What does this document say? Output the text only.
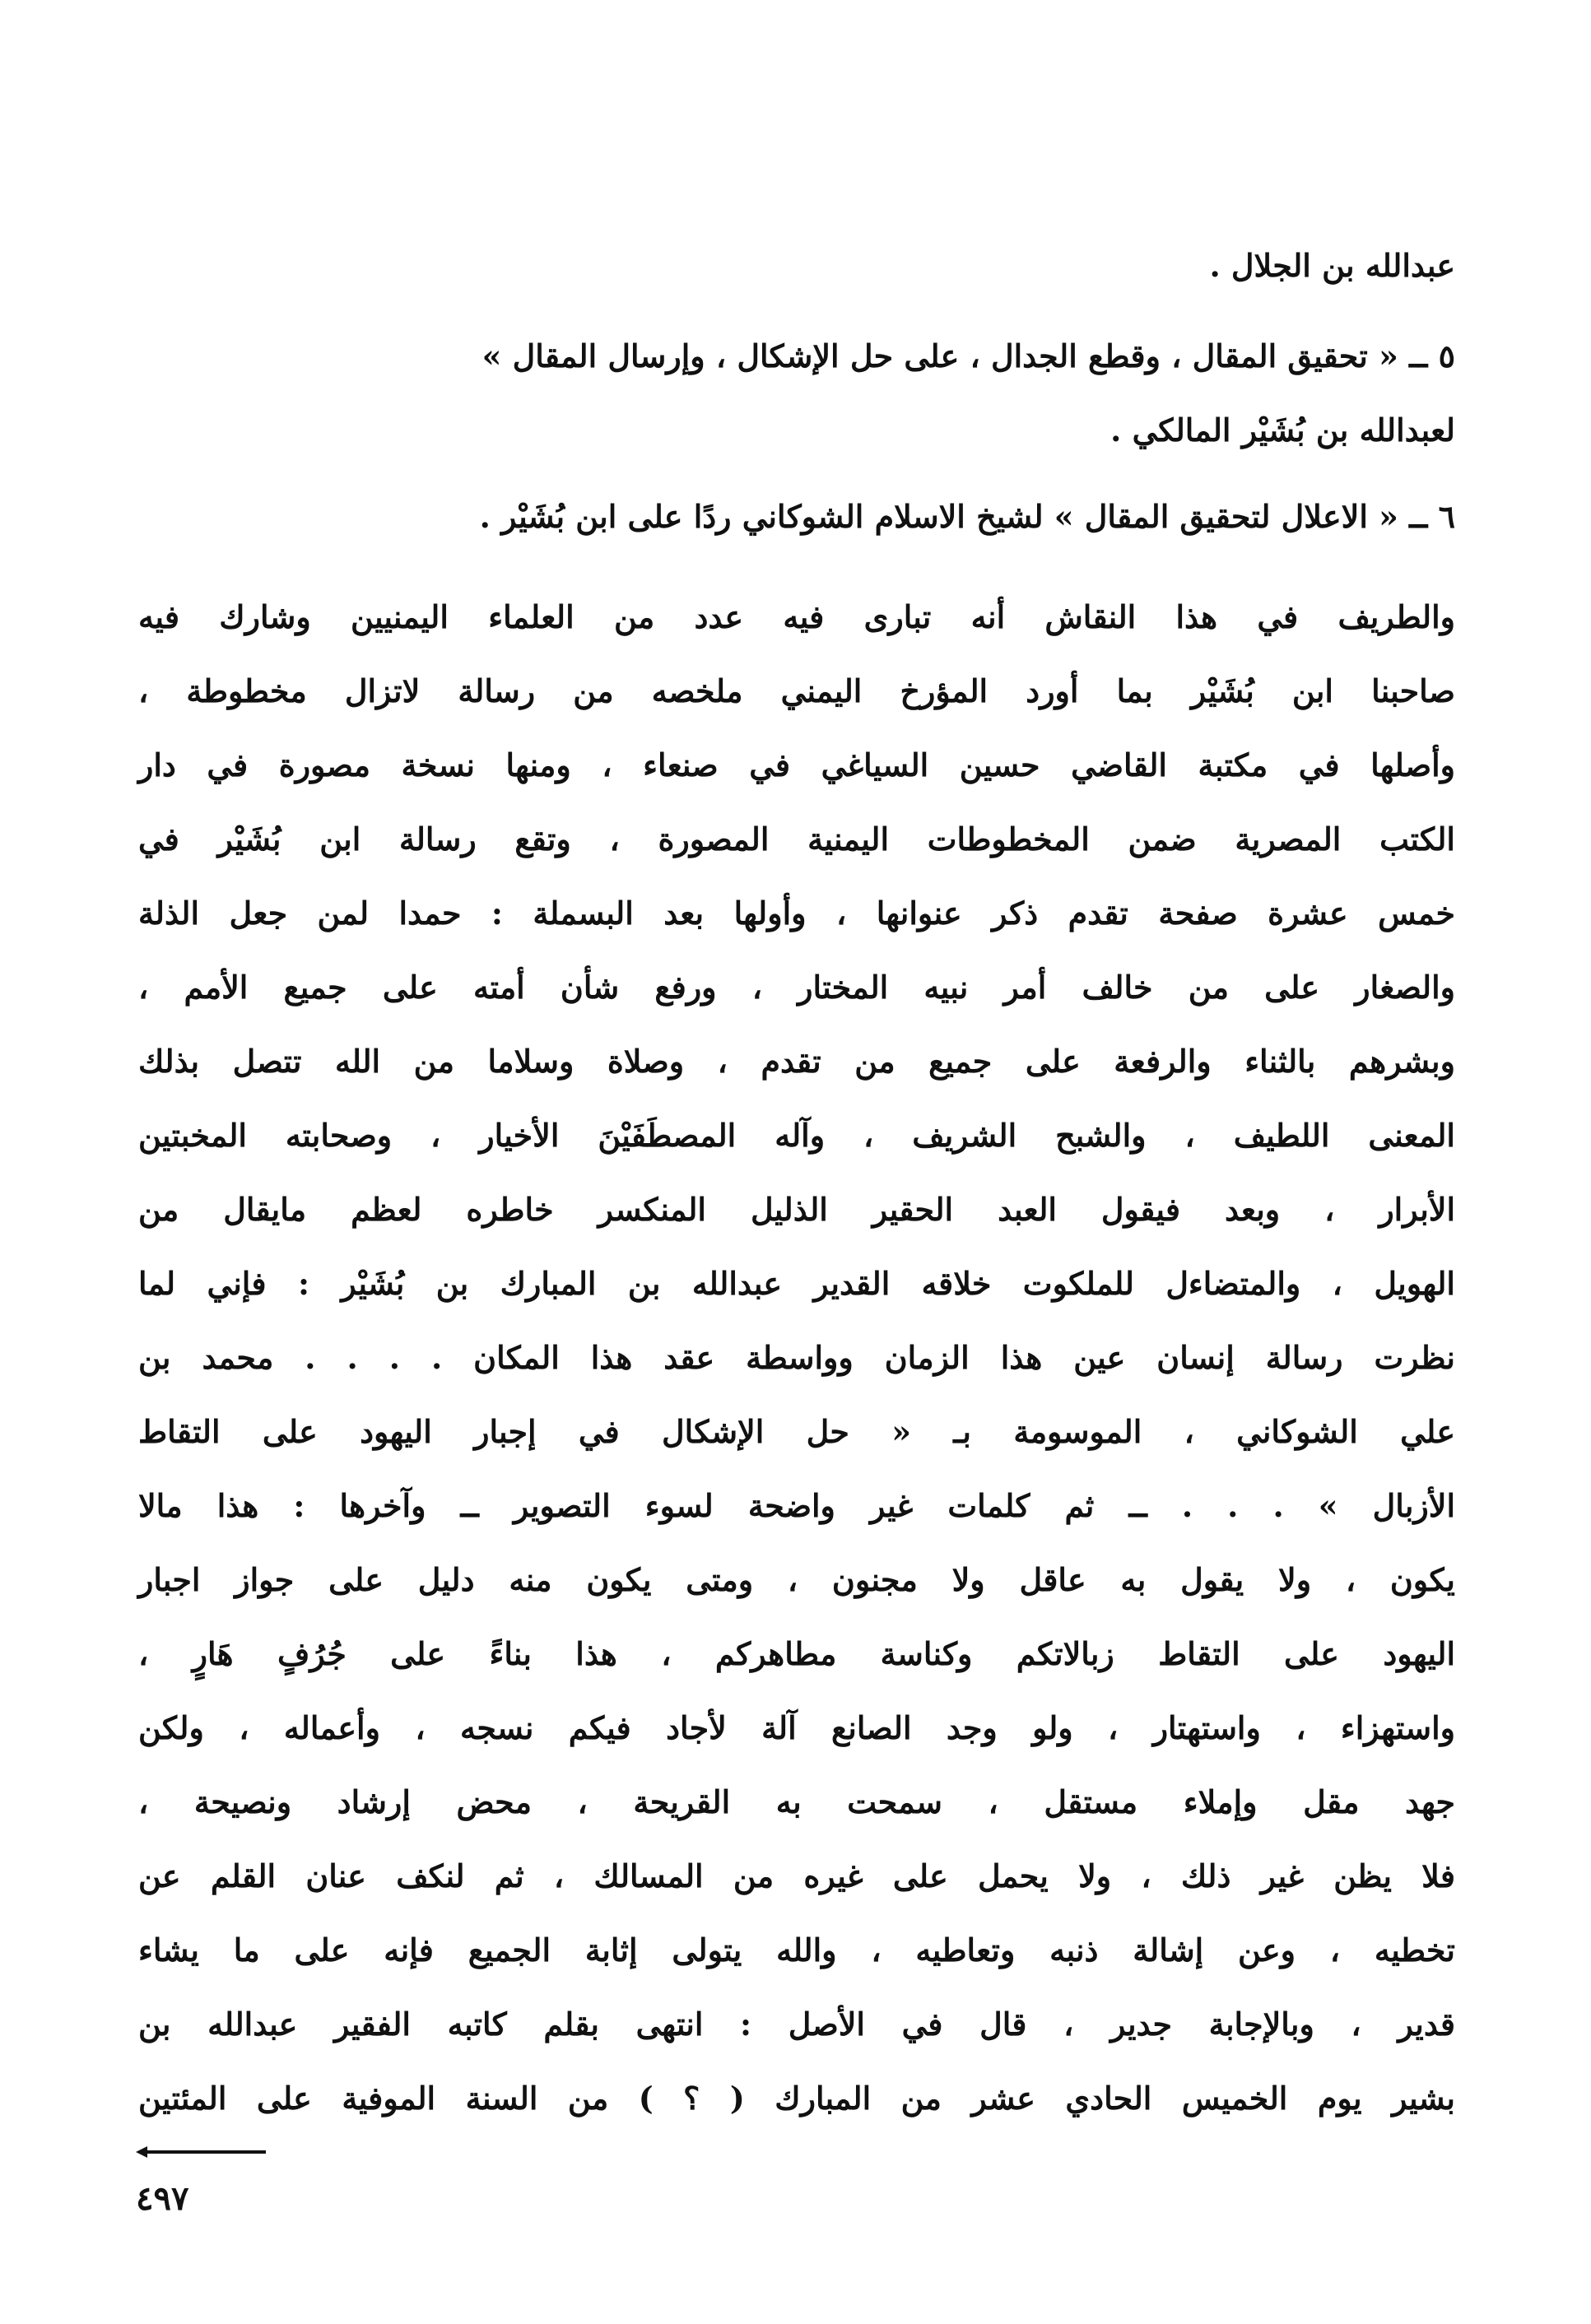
عبدالله بن الجلال .

٥ ــ « تحقيق المقال ، وقطع الجدال ، على حل الإشكال ، وإرسال المقال »

لعبدالله بن بُشَيْر المالكي .

٦ ــ « الاعلال لتحقيق المقال » لشيخ الاسلام الشوكاني ردًا على ابن بُشَيْر .

والطريف في هذا النقاش أنه تبارى فيه عدد من العلماء اليمنيين وشارك فيه
صاحبنا ابن بُشَيْر بما أورد المؤرخ اليمني ملخصه من رسالة لاتزال مخطوطة ،
وأصلها في مكتبة القاضي حسين السياغي في صنعاء ، ومنها نسخة مصورة في دار
الكتب المصرية ضمن المخطوطات اليمنية المصورة ، وتقع رسالة ابن بُشَيْر في
خمس عشرة صفحة تقدم ذكر عنوانها ، وأولها بعد البسملة : حمدا لمن جعل الذلة
والصغار على من خالف أمر نبيه المختار ، ورفع شأن أمته على جميع الأمم ،
وبشرهم بالثناء والرفعة على جميع من تقدم ، وصلاة وسلاما من الله تتصل بذلك
المعنى اللطيف ، والشبح الشريف ، وآله المصطَفَيْنَ الأخيار ، وصحابته المخبتين
الأبرار ، وبعد فيقول العبد الحقير الذليل المنكسر خاطره لعظم مايقال من
الهويل ، والمتضاءل للملكوت خلاقه القدير عبدالله بن المبارك بن بُشَيْر : فإني لما
نظرت رسالة إنسان عين هذا الزمان وواسطة عقد هذا المكان . . . . محمد بن
علي الشوكاني ، الموسومة بـ « حل الإشكال في إجبار اليهود على التقاط
الأزبال » . . . ــ ثم كلمات غير واضحة لسوء التصوير ــ وآخرها : هذا مالا
يكون ، ولا يقول به عاقل ولا مجنون ، ومتى يكون منه دليل على جواز اجبار
اليهود على التقاط زبالاتكم وكناسة مطاهركم ، هذا بناءً على جُرُفٍ هَارٍ ،
واستهزاء ، واستهتار ، ولو وجد الصانع آلة لأجاد فيكم نسجه ، وأعماله ، ولكن
جهد مقل وإملاء مستقل ، سمحت به القريحة ، محض إرشاد ونصيحة ،
فلا يظن غير ذلك ، ولا يحمل على غيره من المسالك ، ثم لنكف عنان القلم عن
تخطيه ، وعن إشالة ذنبه وتعاطيه ، والله يتولى إثابة الجميع فإنه على ما يشاء
قدير ، وبالإجابة جدير ، قال في الأصل : انتهى بقلم كاتبه الفقير عبدالله بن
بشير يوم الخميس الحادي عشر من المبارك ( ؟ ) من السنة الموفية على المئتين

٤٩٧
